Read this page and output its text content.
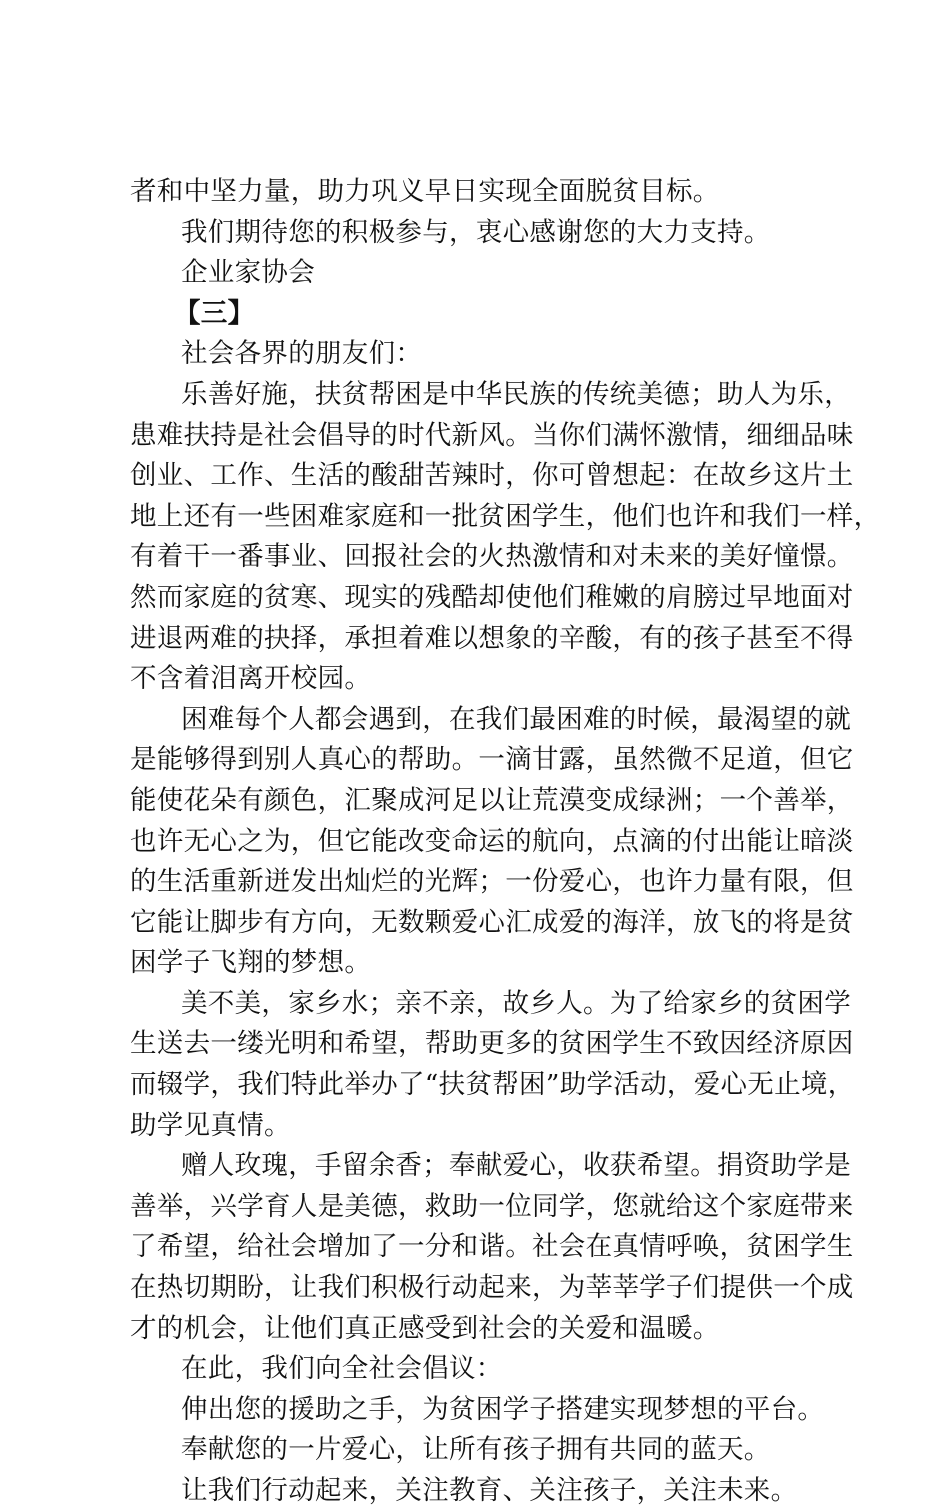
者和中坚力量，助力巩义早日实现全面脱贫目标。
我们期待您的积极参与，衷心感谢您的大力支持。
企业家协会
【三】
社会各界的朋友们：
乐善好施，扶贫帮困是中华民族的传统美德；助人为乐，
患难扶持是社会倡导的时代新风。当你们满怀激情，细细品味
创业、工作、生活的酸甜苦辣时，你可曾想起：在故乡这片土
地上还有一些困难家庭和一批贫困学生，他们也许和我们一样，
有着干一番事业、回报社会的火热激情和对未来的美好憧憬。
然而家庭的贫寒、现实的残酷却使他们稚嫩的肩膀过早地面对
进退两难的抉择，承担着难以想象的辛酸，有的孩子甚至不得
不含着泪离开校园。
困难每个人都会遇到，在我们最困难的时候，最渴望的就
是能够得到别人真心的帮助。一滴甘露，虽然微不足道，但它
能使花朵有颜色，汇聚成河足以让荒漠变成绿洲；一个善举，
也许无心之为，但它能改变命运的航向，点滴的付出能让暗淡
的生活重新迸发出灿烂的光辉；一份爱心，也许力量有限，但
它能让脚步有方向，无数颗爱心汇成爱的海洋，放飞的将是贫
困学子飞翔的梦想。
美不美，家乡水；亲不亲，故乡人。为了给家乡的贫困学
生送去一缕光明和希望，帮助更多的贫困学生不致因经济原因
而辍学，我们特此举办了“扶贫帮困”助学活动，爱心无止境，
助学见真情。
赠人玫瑰，手留余香；奉献爱心，收获希望。捐资助学是
善举，兴学育人是美德，救助一位同学，您就给这个家庭带来
了希望，给社会增加了一分和谐。社会在真情呼唤，贫困学生
在热切期盼，让我们积极行动起来，为莘莘学子们提供一个成
才的机会，让他们真正感受到社会的关爱和温暖。
在此，我们向全社会倡议：
伸出您的援助之手，为贫困学子搭建实现梦想的平台。
奉献您的一片爱心，让所有孩子拥有共同的蓝天。
让我们行动起来，关注教育、关注孩子，关注未来。
